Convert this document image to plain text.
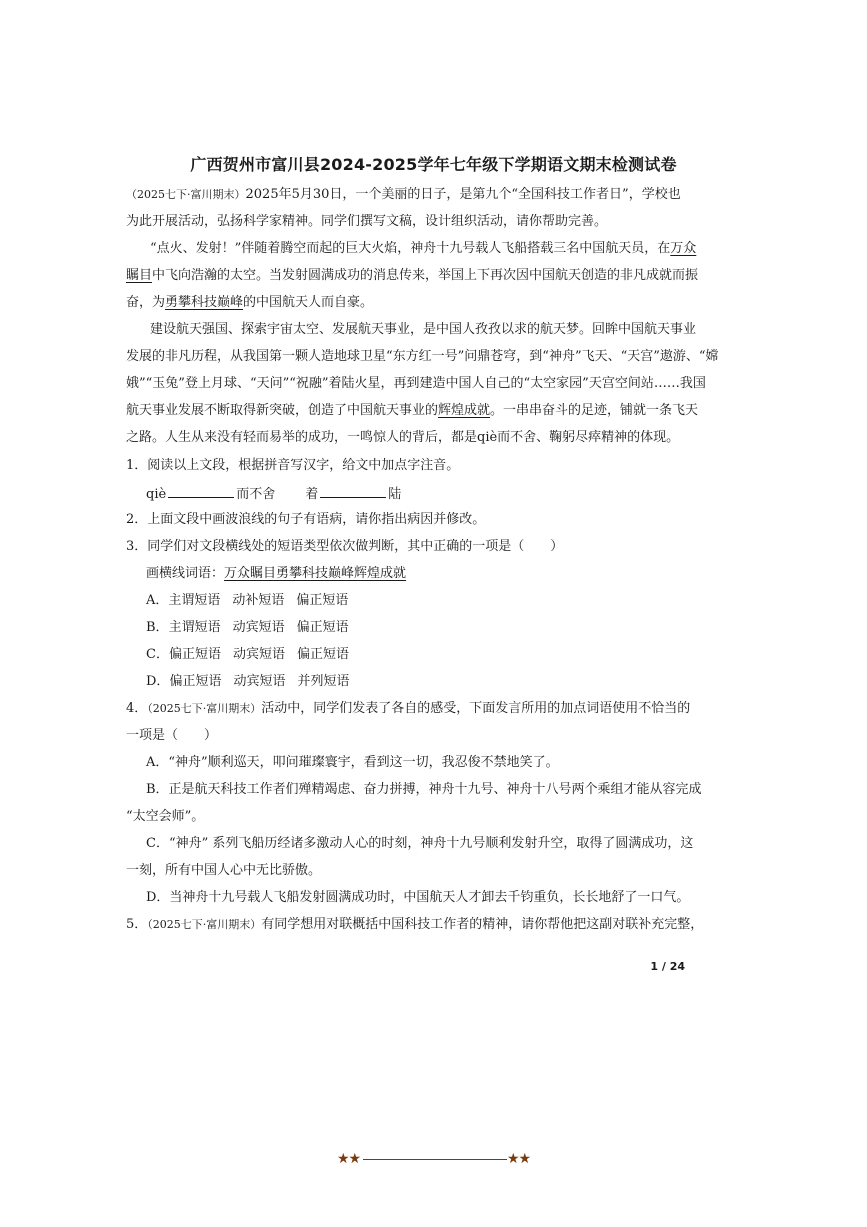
广西贺州市富川县2024-2025学年七年级下学期语文期末检测试卷
（2025七下·富川期末）2025年5月30日，一个美丽的日子，是第九个“全国科技工作者日”，学校也
为此开展活动，弘扬科学家精神。同学们撰写文稿，设计组织活动，请你帮助完善。
“点火、发射！”伴随着腾空而起的巨大火焰，神舟十九号载人飞船搭载三名中国航天员，在万众
瞩目中飞向浩瀚的太空。当发射圆满成功的消息传来，举国上下再次因中国航天创造的非凡成就而振
奋，为勇攀科技巅峰的中国航天人而自豪。
建设航天强国、探索宇宙太空、发展航天事业，是中国人孜孜以求的航天梦。回眸中国航天事业
发展的非凡历程，从我国第一颗人造地球卫星“东方红一号”问鼎苍穹，到“神舟”飞天、“天宫”遨游、“嫦
娥”“玉兔”登上月球、“天问”“祝融”着陆火星，再到建造中国人自己的“太空家园”天宫空间站……我国
航天事业发展不断取得新突破，创造了中国航天事业的辉煌成就。一串串奋斗的足迹，铺就一条飞天
之路。人生从来没有轻而易举的成功，一鸣惊人的背后，都是qiè而不舍、鞠躬尽瘁精神的体现。
1．阅读以上文段，根据拼音写汉字，给文中加点字注音。
qiè	而不舍 着	陆
2．上面文段中画波浪线的句子有语病，请你指出病因并修改。
3．同学们对文段横线处的短语类型依次做判断，其中正确的一项是（　　）
画横线词语：万众瞩目勇攀科技巅峰辉煌成就
A．主谓短语 动补短语 偏正短语
B．主谓短语 动宾短语 偏正短语
C．偏正短语 动宾短语 偏正短语
D．偏正短语 动宾短语 并列短语
4．（2025七下·富川期末）活动中，同学们发表了各自的感受，下面发言所用的加点词语使用不恰当的
一项是（　　）
A．“神舟”顺利巡天，叩问璀璨寰宇，看到这一切，我忍俊不禁地笑了。
B．正是航天科技工作者们殚精竭虑、奋力拼搏，神舟十九号、神舟十八号两个乘组才能从容完成
“太空会师”。
C．“神舟” 系列飞船历经诸多激动人心的时刻，神舟十九号顺利发射升空，取得了圆满成功，这
一刻，所有中国人心中无比骄傲。
D．当神舟十九号载人飞船发射圆满成功时，中国航天人才卸去千钧重负，长长地舒了一口气。
5．（2025七下·富川期末）有同学想用对联概括中国科技工作者的精神，请你帮他把这副对联补充完整，
1 / 24
★★	★★
